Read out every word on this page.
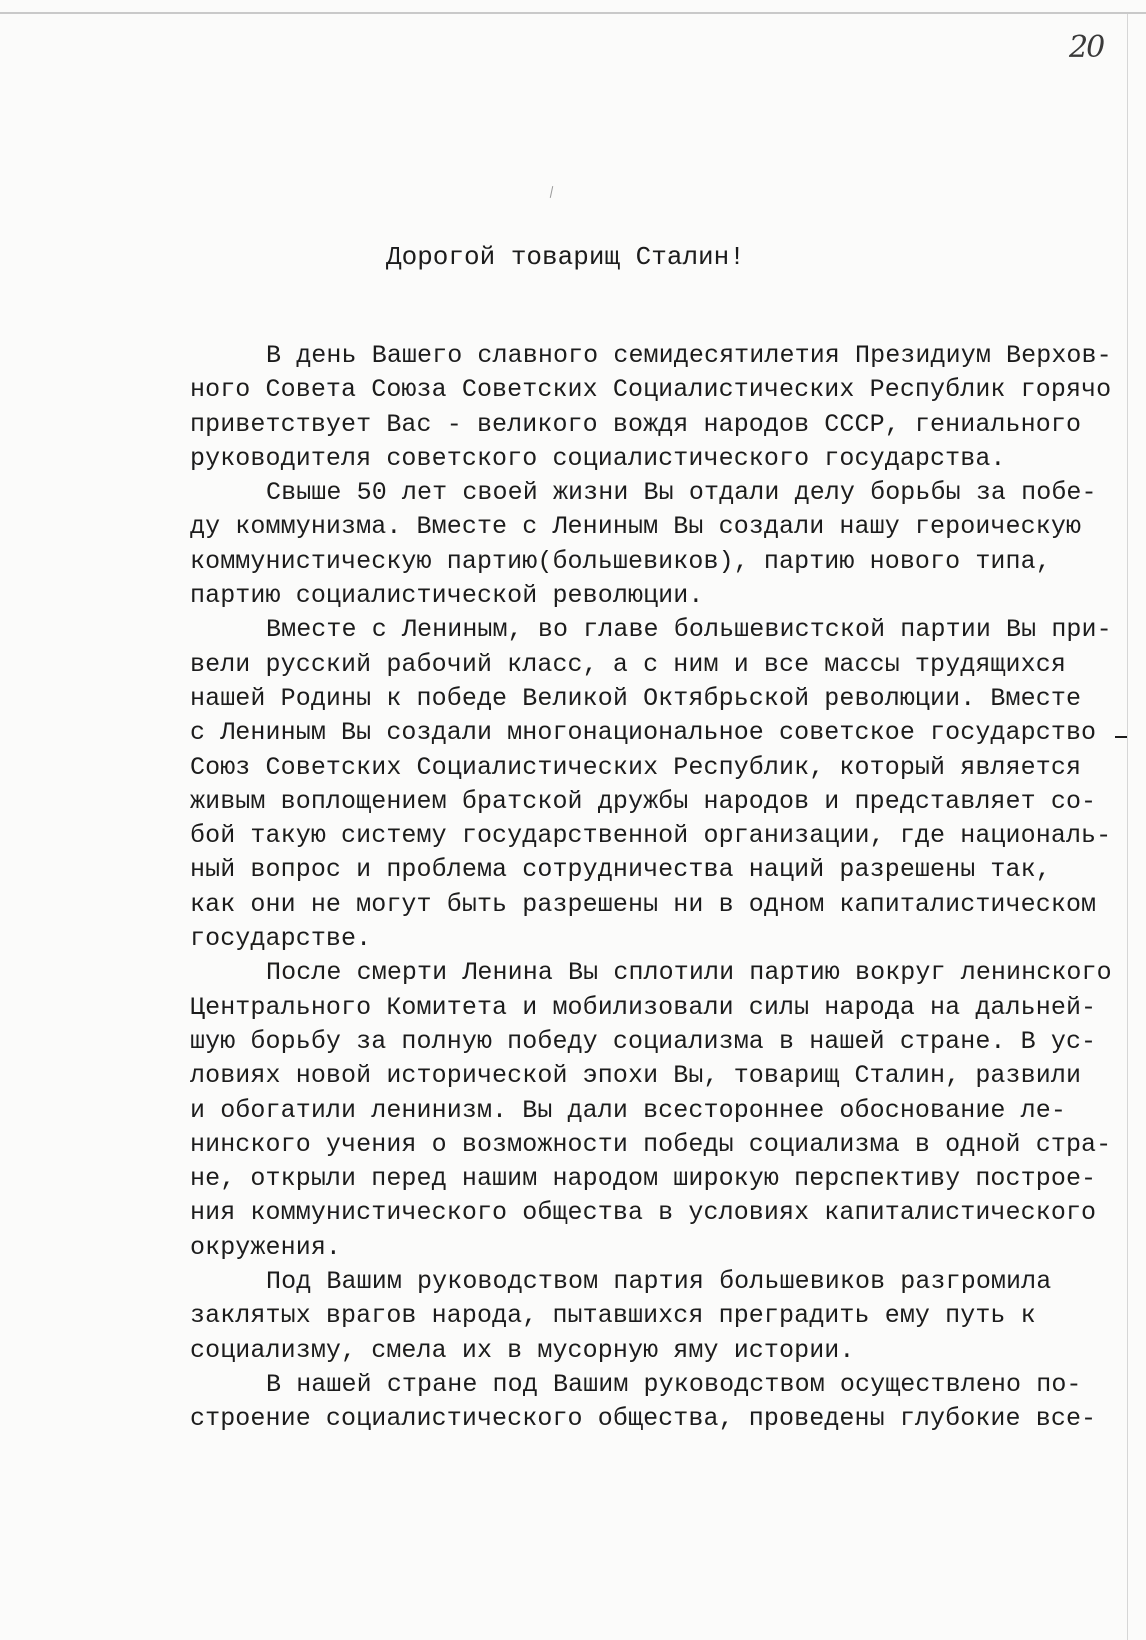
20

Дорогой товарищ Сталин!

В день Вашего славного семидесятилетия Президиум Верхов-
ного Совета Союза Советских Социалистических Республик горячо
приветствует Вас - великого вождя народов СССР, гениального
руководителя советского социалистического государства.
Свыше 50 лет своей жизни Вы отдали делу борьбы за побе-
ду коммунизма. Вместе с Лениным Вы создали нашу героическую
коммунистическую партию(большевиков), партию нового типа,
партию социалистической революции.
Вместе с Лениным, во главе большевистской партии Вы при-
вели русский рабочий класс, а с ним и все массы трудящихся
нашей Родины к победе Великой Октябрьской революции. Вместе
с Лениным Вы создали многонациональное советское государство
Союз Советских Социалистических Республик, который является
живым воплощением братской дружбы народов и представляет со-
бой такую систему государственной организации, где националь-
ный вопрос и проблема сотрудничества наций разрешены так,
как они не могут быть разрешены ни в одном капиталистическом
государстве.
После смерти Ленина Вы сплотили партию вокруг ленинского
Центрального Комитета и мобилизовали силы народа на дальней-
шую борьбу за полную победу социализма в нашей стране. В ус-
ловиях новой исторической эпохи Вы, товарищ Сталин, развили
и обогатили ленинизм. Вы дали всестороннее обоснование ле-
нинского учения о возможности победы социализма в одной стра-
не, открыли перед нашим народом широкую перспективу построе-
ния коммунистического общества в условиях капиталистического
окружения.
Под Вашим руководством партия большевиков разгромила
заклятых врагов народа, пытавшихся преградить ему путь к
социализму, смела их в мусорную яму истории.
В нашей стране под Вашим руководством осуществлено по-
строение социалистического общества, проведены глубокие все-
